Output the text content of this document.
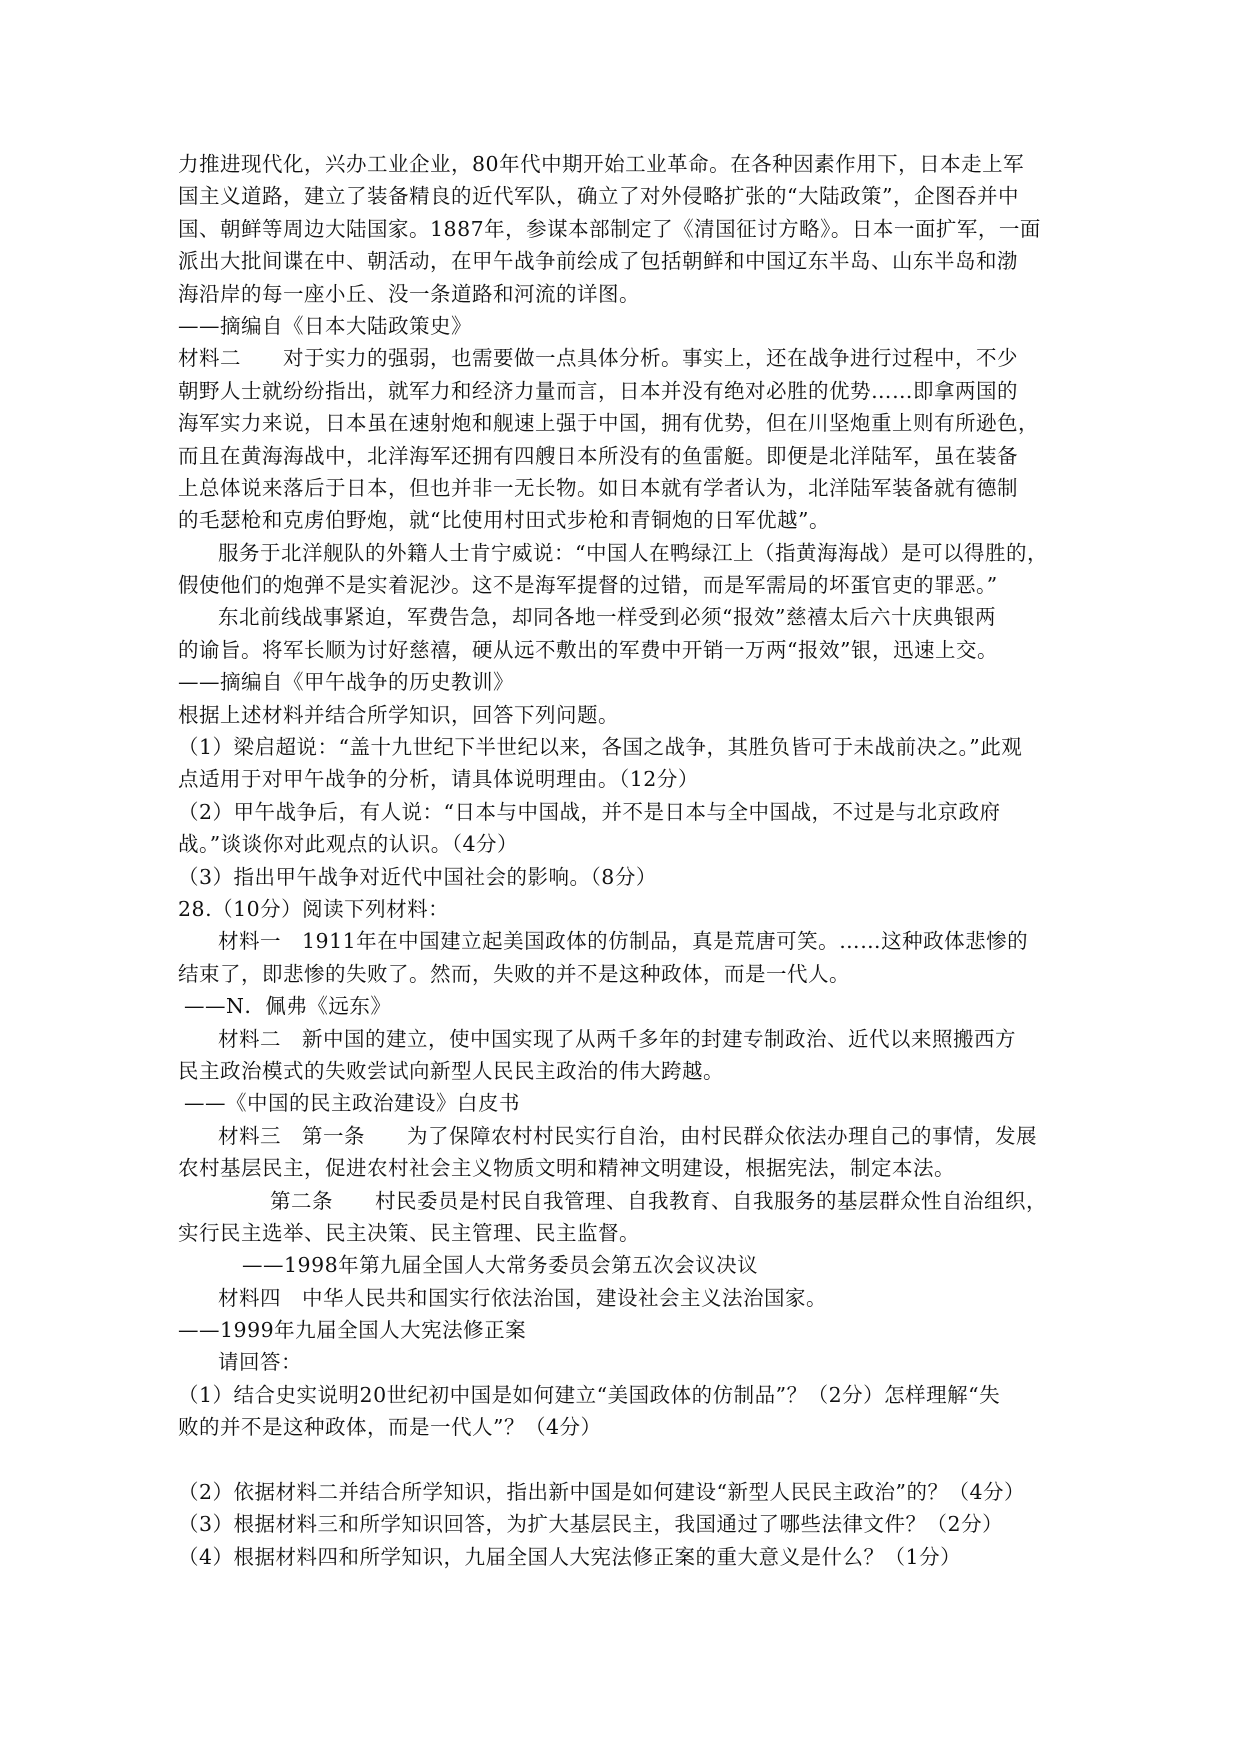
力推进现代化，兴办工业企业，80年代中期开始工业革命。在各种因素作用下，日本走上军
国主义道路，建立了装备精良的近代军队，确立了对外侵略扩张的“大陆政策”，企图吞并中
国、朝鲜等周边大陆国家。1887年，参谋本部制定了《清国征讨方略》。日本一面扩军，一面
派出大批间谍在中、朝活动，在甲午战争前绘成了包括朝鲜和中国辽东半岛、山东半岛和渤
海沿岸的每一座小丘、没一条道路和河流的详图。
——摘编自《日本大陆政策史》
材料二　　对于实力的强弱，也需要做一点具体分析。事实上，还在战争进行过程中，不少
朝野人士就纷纷指出，就军力和经济力量而言，日本并没有绝对必胜的优势……即拿两国的
海军实力来说，日本虽在速射炮和舰速上强于中国，拥有优势，但在川坚炮重上则有所逊色，
而且在黄海海战中，北洋海军还拥有四艘日本所没有的鱼雷艇。即便是北洋陆军，虽在装备
上总体说来落后于日本，但也并非一无长物。如日本就有学者认为，北洋陆军装备就有德制
的毛瑟枪和克虏伯野炮，就“比使用村田式步枪和青铜炮的日军优越”。
服务于北洋舰队的外籍人士肯宁威说：“中国人在鸭绿江上（指黄海海战）是可以得胜的，
假使他们的炮弹不是实着泥沙。这不是海军提督的过错，而是军需局的坏蛋官吏的罪恶。”
东北前线战事紧迫，军费告急，却同各地一样受到必须“报效”慈禧太后六十庆典银两
的谕旨。将军长顺为讨好慈禧，硬从远不敷出的军费中开销一万两“报效”银，迅速上交。
——摘编自《甲午战争的历史教训》
根据上述材料并结合所学知识，回答下列问题。
（1）梁启超说：“盖十九世纪下半世纪以来，各国之战争，其胜负皆可于未战前决之。”此观
点适用于对甲午战争的分析，请具体说明理由。（12分）
（2）甲午战争后，有人说：“日本与中国战，并不是日本与全中国战，不过是与北京政府
战。”谈谈你对此观点的认识。（4分）
（3）指出甲午战争对近代中国社会的影响。（8分）
28.（10分）阅读下列材料：
材料一　1911年在中国建立起美国政体的仿制品，真是荒唐可笑。……这种政体悲惨的
结束了，即悲惨的失败了。然而，失败的并不是这种政体，而是一代人。
——N．佩弗《远东》
材料二　新中国的建立，使中国实现了从两千多年的封建专制政治、近代以来照搬西方
民主政治模式的失败尝试向新型人民民主政治的伟大跨越。
——《中国的民主政治建设》白皮书
材料三　第一条　　为了保障农村村民实行自治，由村民群众依法办理自己的事情，发展
农村基层民主，促进农村社会主义物质文明和精神文明建设，根据宪法，制定本法。
第二条　　村民委员是村民自我管理、自我教育、自我服务的基层群众性自治组织，
实行民主选举、民主决策、民主管理、民主监督。
——1998年第九届全国人大常务委员会第五次会议决议
材料四　中华人民共和国实行依法治国，建设社会主义法治国家。
——1999年九届全国人大宪法修正案
请回答：
（1）结合史实说明20世纪初中国是如何建立“美国政体的仿制品”？（2分）怎样理解“失
败的并不是这种政体，而是一代人”？（4分）
（2）依据材料二并结合所学知识，指出新中国是如何建设“新型人民民主政治”的？（4分）
（3）根据材料三和所学知识回答，为扩大基层民主，我国通过了哪些法律文件？（2分）
（4）根据材料四和所学知识，九届全国人大宪法修正案的重大意义是什么？（1分）
